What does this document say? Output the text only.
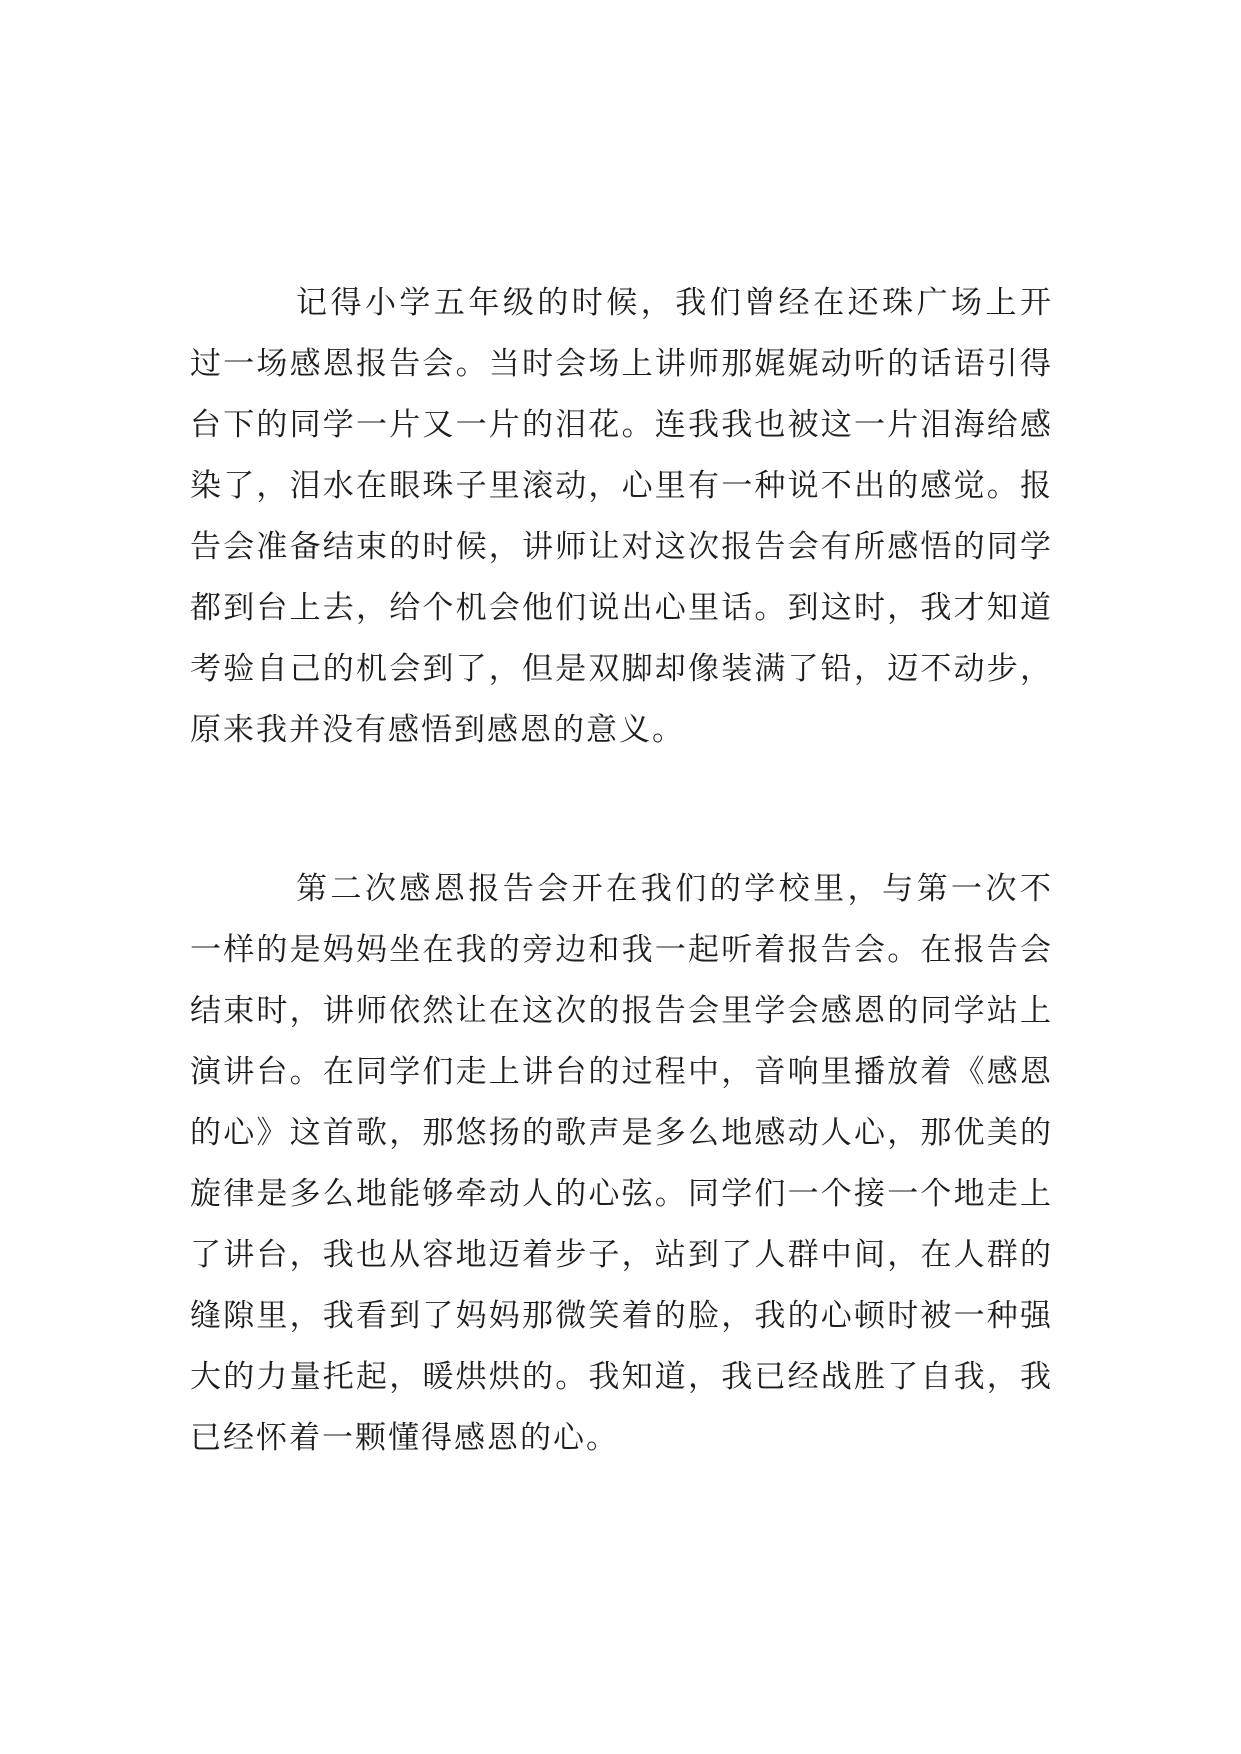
记得小学五年级的时候，我们曾经在还珠广场上开过一场感恩报告会。当时会场上讲师那娓娓动听的话语引得台下的同学一片又一片的泪花。连我我也被这一片泪海给感染了，泪水在眼珠子里滚动，心里有一种说不出的感觉。报告会准备结束的时候，讲师让对这次报告会有所感悟的同学都到台上去，给个机会他们说出心里话。到这时，我才知道考验自己的机会到了，但是双脚却像装满了铅，迈不动步，原来我并没有感悟到感恩的意义。

第二次感恩报告会开在我们的学校里，与第一次不一样的是妈妈坐在我的旁边和我一起听着报告会。在报告会结束时，讲师依然让在这次的报告会里学会感恩的同学站上演讲台。在同学们走上讲台的过程中，音响里播放着《感恩的心》这首歌，那悠扬的歌声是多么地感动人心，那优美的旋律是多么地能够牵动人的心弦。同学们一个接一个地走上了讲台，我也从容地迈着步子，站到了人群中间，在人群的缝隙里，我看到了妈妈那微笑着的脸，我的心顿时被一种强大的力量托起，暖烘烘的。我知道，我已经战胜了自我，我已经怀着一颗懂得感恩的心。
